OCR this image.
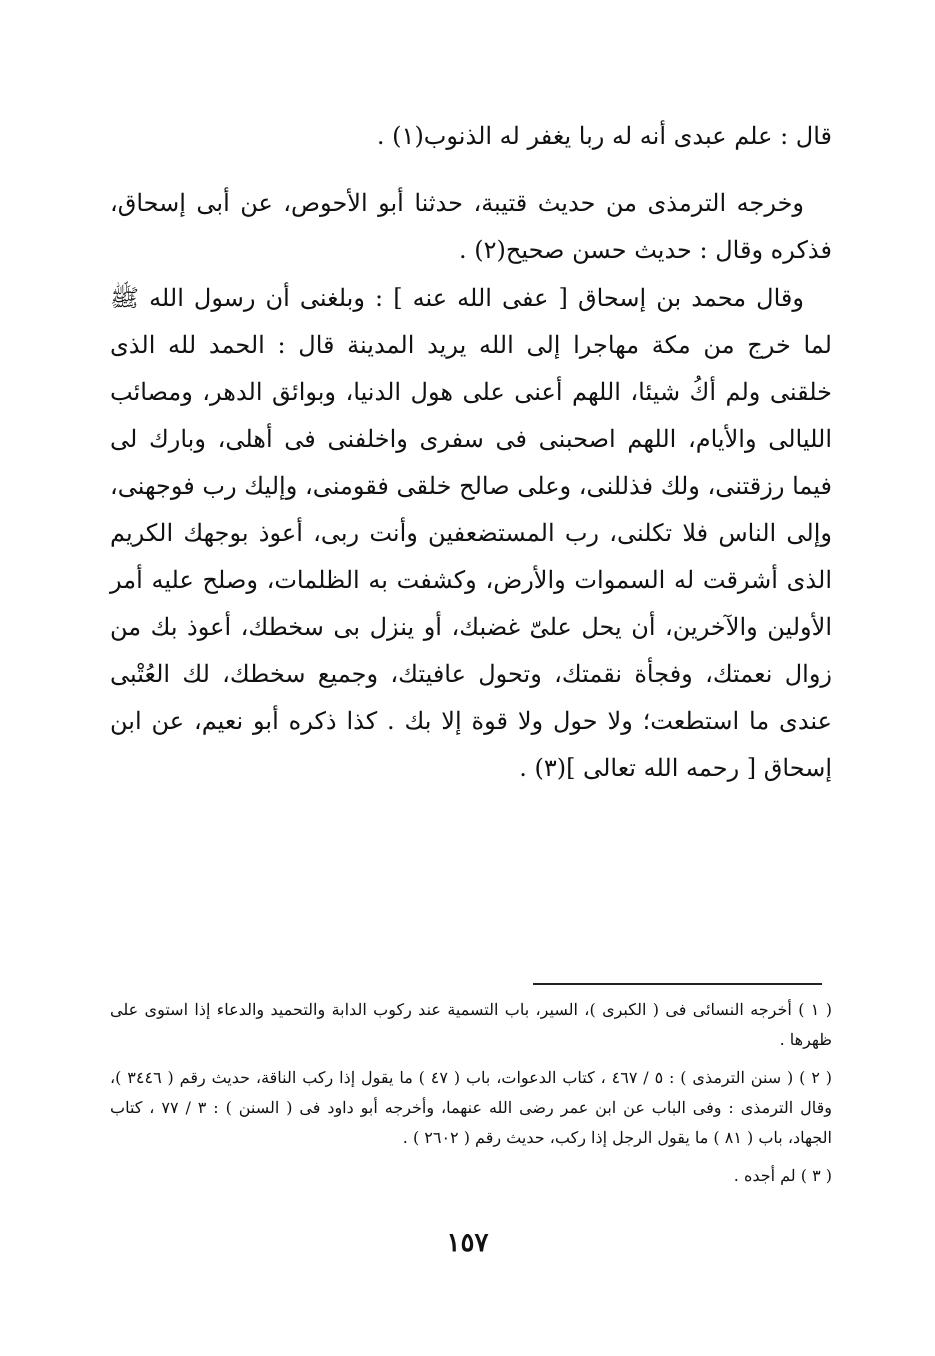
قال : علم عبدى أنه له ربا يغفر له الذنوب(١) .

وخرجه الترمذى من حديث قتيبة، حدثنا أبو الأحوص، عن أبى إسحاق، فذكره وقال : حديث حسن صحيح(٢) .

وقال محمد بن إسحاق [ عفى الله عنه ] : وبلغنى أن رسول الله ﷺ لما خرج من مكة مهاجرا إلى الله يريد المدينة قال : الحمد لله الذى خلقنى ولم أكُ شيئا، اللهم أعنى على هول الدنيا، وبوائق الدهر، ومصائب الليالى والأيام، اللهم اصحبنى فى سفرى واخلفنى فى أهلى، وبارك لى فيما رزقتنى، ولك فذللنى، وعلى صالح خلقى فقومنى، وإليك رب فوجهنى، وإلى الناس فلا تكلنى، رب المستضعفين وأنت ربى، أعوذ بوجهك الكريم الذى أشرقت له السموات والأرض، وكشفت به الظلمات، وصلح عليه أمر الأولين والآخرين، أن يحل علىّ غضبك، أو ينزل بى سخطك، أعوذ بك من زوال نعمتك، وفجأة نقمتك، وتحول عافيتك، وجميع سخطك، لك العُتْبى عندى ما استطعت؛ ولا حول ولا قوة إلا بك . كذا ذكره أبو نعيم، عن ابن إسحاق [ رحمه الله تعالى ](٣) .

( ١ ) أخرجه النسائى فى ( الكبرى )، السير، باب التسمية عند ركوب الدابة والتحميد والدعاء إذا استوى على ظهرها .

( ٢ ) ( سنن الترمذى ) : ٥ / ٤٦٧ ، كتاب الدعوات، باب ( ٤٧ ) ما يقول إذا ركب الناقة، حديث رقم ( ٣٤٤٦ )، وقال الترمذى : وفى الباب عن ابن عمر رضى الله عنهما، وأخرجه أبو داود فى ( السنن ) : ٣ / ٧٧ ، كتاب الجهاد، باب ( ٨١ ) ما يقول الرجل إذا ركب، حديث رقم ( ٢٦٠٢ ) .

( ٣ ) لم أجده .

١٥٧
